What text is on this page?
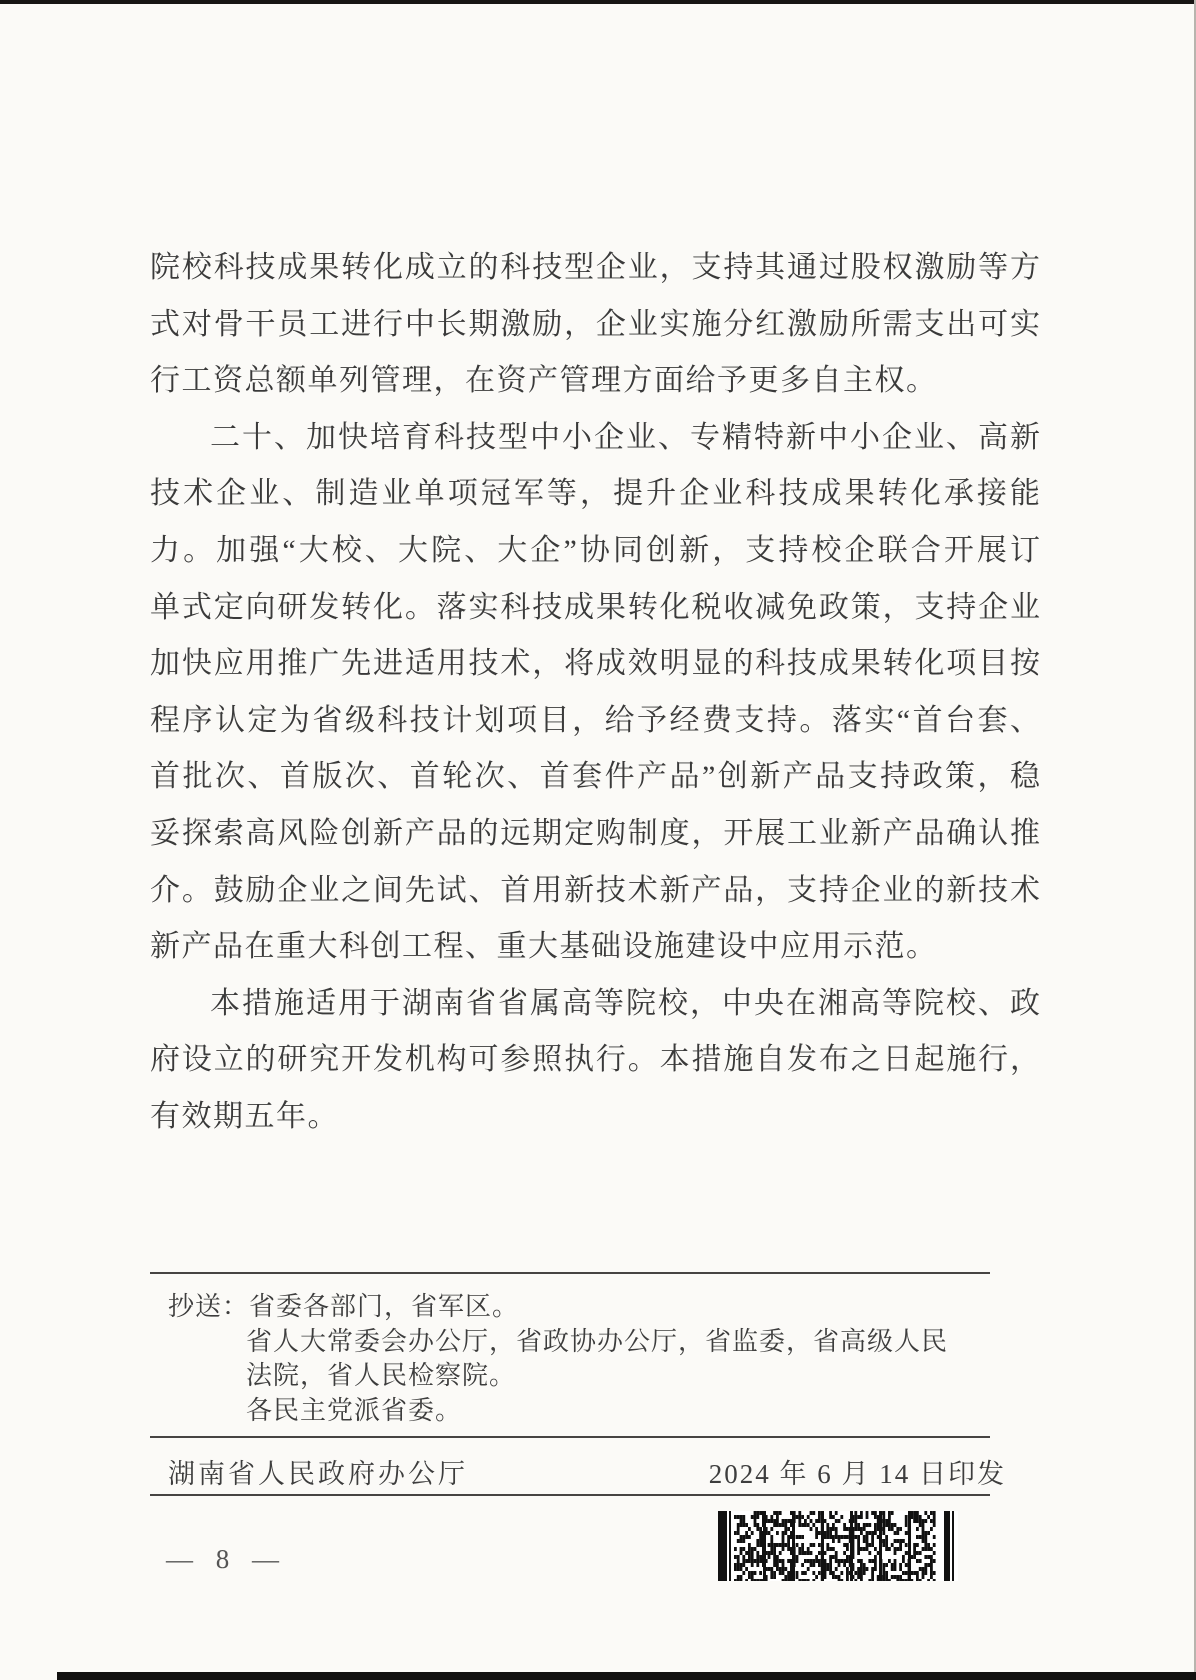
院校科技成果转化成立的科技型企业，支持其通过股权激励等方
式对骨干员工进行中长期激励，企业实施分红激励所需支出可实
行工资总额单列管理，在资产管理方面给予更多自主权。
二十、加快培育科技型中小企业、专精特新中小企业、高新
技术企业、制造业单项冠军等，提升企业科技成果转化承接能
力。加强“大校、大院、大企”协同创新，支持校企联合开展订
单式定向研发转化。落实科技成果转化税收减免政策，支持企业
加快应用推广先进适用技术，将成效明显的科技成果转化项目按
程序认定为省级科技计划项目，给予经费支持。落实“首台套、
首批次、首版次、首轮次、首套件产品”创新产品支持政策，稳
妥探索高风险创新产品的远期定购制度，开展工业新产品确认推
介。鼓励企业之间先试、首用新技术新产品，支持企业的新技术
新产品在重大科创工程、重大基础设施建设中应用示范。
本措施适用于湖南省省属高等院校，中央在湘高等院校、政
府设立的研究开发机构可参照执行。本措施自发布之日起施行，
有效期五年。
抄送：省委各部门，省军区。
省人大常委会办公厅，省政协办公厅，省监委，省高级人民
法院，省人民检察院。
各民主党派省委。
湖南省人民政府办公厅	2024 年 6 月 14 日印发
— 8 —
